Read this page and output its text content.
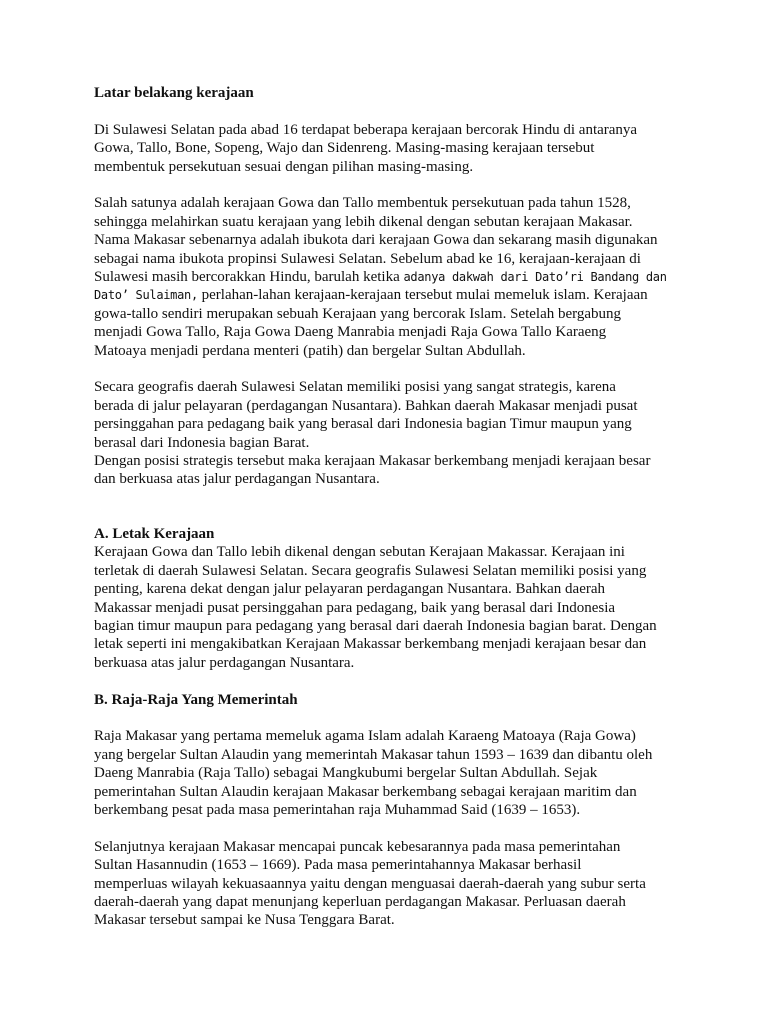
Latar belakang kerajaan
Di Sulawesi Selatan pada abad 16 terdapat beberapa kerajaan bercorak Hindu di antaranya
Gowa, Tallo, Bone, Sopeng, Wajo dan Sidenreng. Masing-masing kerajaan tersebut
membentuk persekutuan sesuai dengan pilihan masing-masing.
Salah satunya adalah kerajaan Gowa dan Tallo membentuk persekutuan pada tahun 1528,
sehingga melahirkan suatu kerajaan yang lebih dikenal dengan sebutan kerajaan Makasar.
Nama Makasar sebenarnya adalah ibukota dari kerajaan Gowa dan sekarang masih digunakan
sebagai nama ibukota propinsi Sulawesi Selatan. Sebelum abad ke 16, kerajaan-kerajaan di
Sulawesi masih bercorakkan Hindu, barulah ketika adanya dakwah dari Dato’ri Bandang dan
Dato’ Sulaiman, perlahan-lahan kerajaan-kerajaan tersebut mulai memeluk islam. Kerajaan
gowa-tallo sendiri merupakan sebuah Kerajaan yang bercorak Islam. Setelah bergabung
menjadi Gowa Tallo, Raja Gowa Daeng Manrabia menjadi Raja Gowa Tallo Karaeng
Matoaya menjadi perdana menteri (patih) dan bergelar Sultan Abdullah.
Secara geografis daerah Sulawesi Selatan memiliki posisi yang sangat strategis, karena
berada di jalur pelayaran (perdagangan Nusantara). Bahkan daerah Makasar menjadi pusat
persinggahan para pedagang baik yang berasal dari Indonesia bagian Timur maupun yang
berasal dari Indonesia bagian Barat.
Dengan posisi strategis tersebut maka kerajaan Makasar berkembang menjadi kerajaan besar
dan berkuasa atas jalur perdagangan Nusantara.
A. Letak Kerajaan
Kerajaan Gowa dan Tallo lebih dikenal dengan sebutan Kerajaan Makassar. Kerajaan ini
terletak di daerah Sulawesi Selatan. Secara geografis Sulawesi Selatan memiliki posisi yang
penting, karena dekat dengan jalur pelayaran perdagangan Nusantara. Bahkan daerah
Makassar menjadi pusat persinggahan para pedagang, baik yang berasal dari Indonesia
bagian timur maupun para pedagang yang berasal dari daerah Indonesia bagian barat. Dengan
letak seperti ini mengakibatkan Kerajaan Makassar berkembang menjadi kerajaan besar dan
berkuasa atas jalur perdagangan Nusantara.
B. Raja-Raja Yang Memerintah
Raja Makasar yang pertama memeluk agama Islam adalah Karaeng Matoaya (Raja Gowa)
yang bergelar Sultan Alaudin yang memerintah Makasar tahun 1593 – 1639 dan dibantu oleh
Daeng Manrabia (Raja Tallo) sebagai Mangkubumi bergelar Sultan Abdullah. Sejak
pemerintahan Sultan Alaudin kerajaan Makasar berkembang sebagai kerajaan maritim dan
berkembang pesat pada masa pemerintahan raja Muhammad Said (1639 – 1653).
Selanjutnya kerajaan Makasar mencapai puncak kebesarannya pada masa pemerintahan
Sultan Hasannudin (1653 – 1669). Pada masa pemerintahannya Makasar berhasil
memperluas wilayah kekuasaannya yaitu dengan menguasai daerah-daerah yang subur serta
daerah-daerah yang dapat menunjang keperluan perdagangan Makasar. Perluasan daerah
Makasar tersebut sampai ke Nusa Tenggara Barat.
